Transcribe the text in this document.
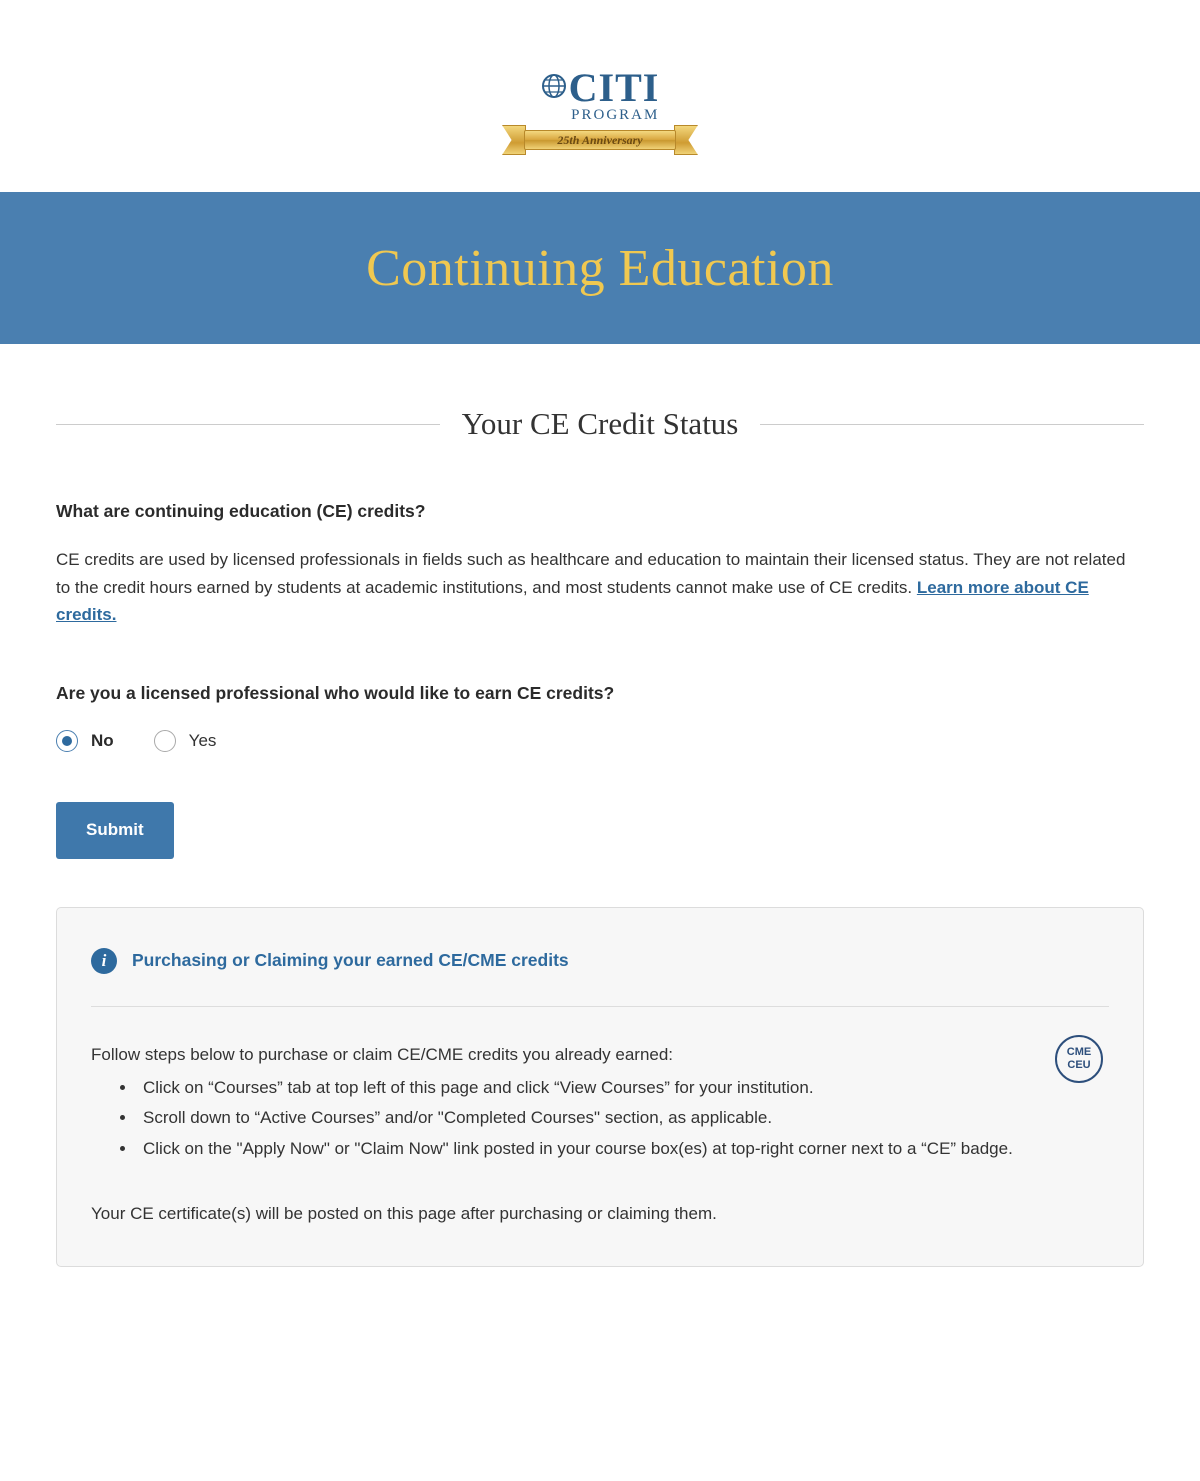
CITI
PROGRAM
25th Anniversary
Continuing Education
Your CE Credit Status
What are continuing education (CE) credits?

CE credits are used by licensed professionals in fields such as healthcare and education to maintain their licensed status. They are not related to the credit hours earned by students at academic institutions, and most students cannot make use of CE credits. Learn more about CE credits.

Are you a licensed professional who would like to earn CE credits?
No	Yes
Submit
i	Purchasing or Claiming your earned CE/CME credits
CME
CEU

Follow steps below to purchase or claim CE/CME credits you already earned:

• Click on “Courses” tab at top left of this page and click “View Courses” for your institution.
• Scroll down to “Active Courses” and/or "Completed Courses" section, as applicable.
• Click on the "Apply Now" or "Claim Now" link posted in your course box(es) at top-right corner next to a “CE” badge.

Your CE certificate(s) will be posted on this page after purchasing or claiming them.
